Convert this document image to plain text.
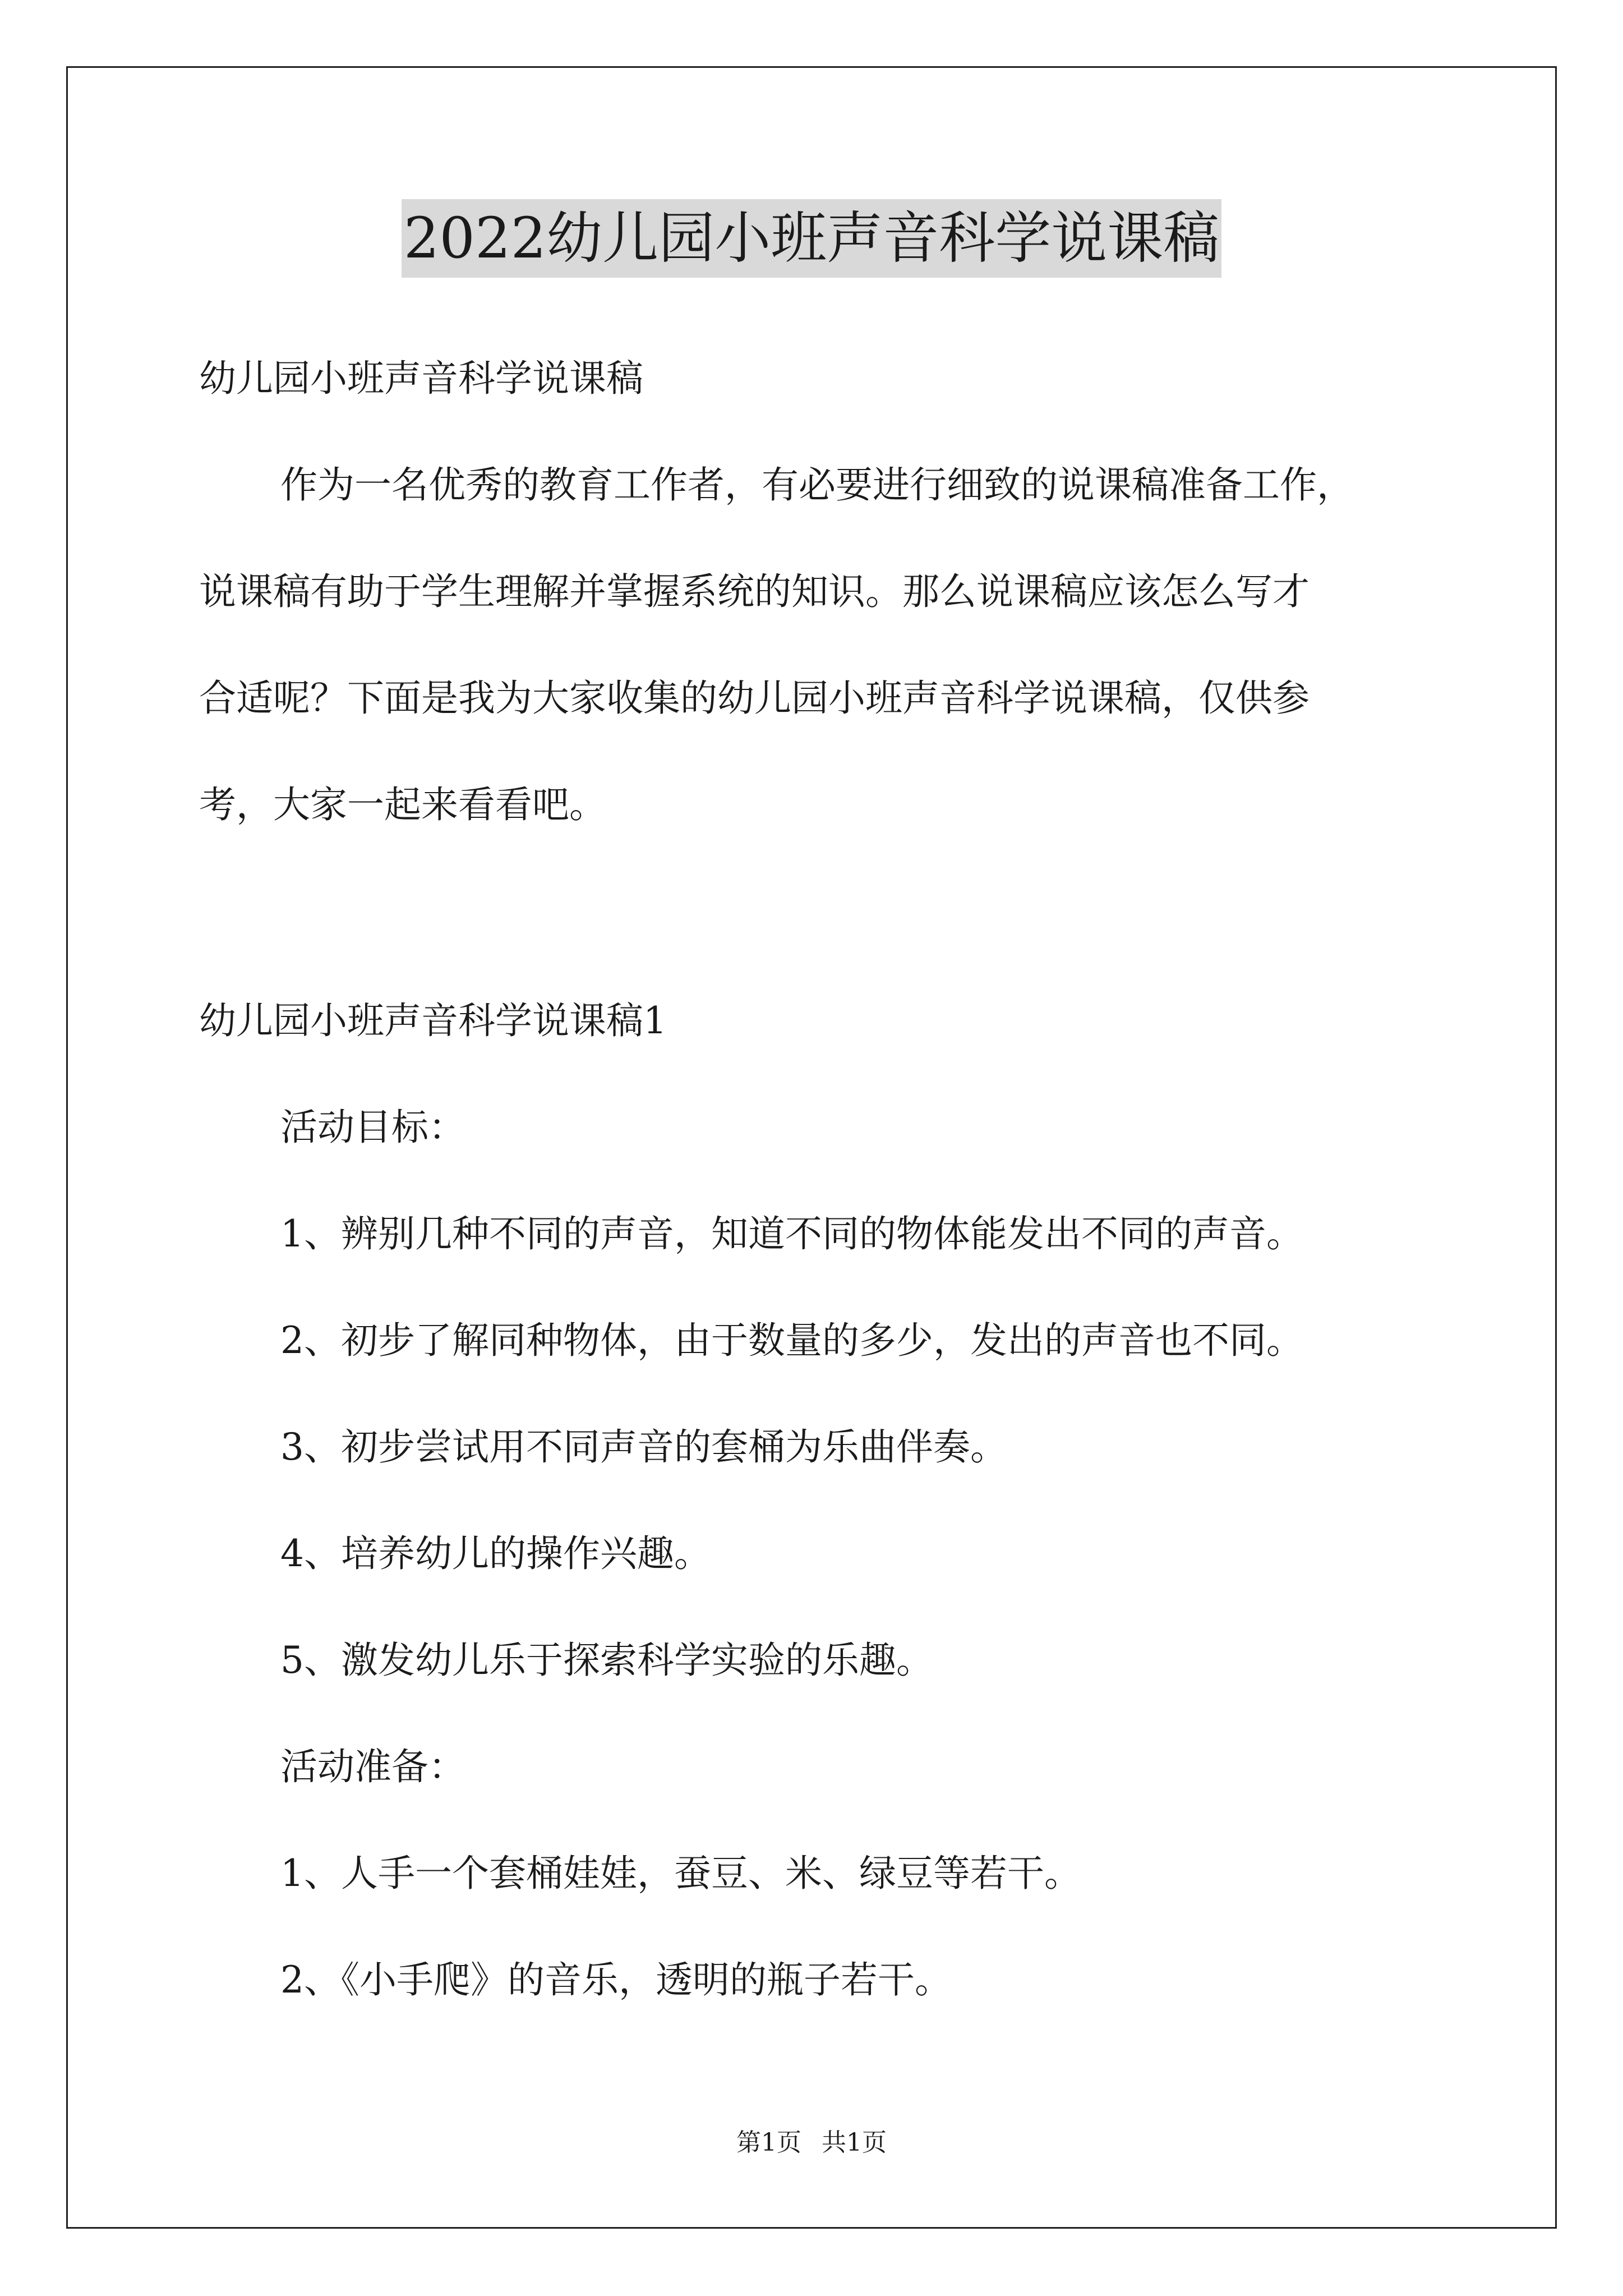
2022幼儿园小班声音科学说课稿
幼儿园小班声音科学说课稿
作为一名优秀的教育工作者，有必要进行细致的说课稿准备工作，
说课稿有助于学生理解并掌握系统的知识。那么说课稿应该怎么写才
合适呢？下面是我为大家收集的幼儿园小班声音科学说课稿，仅供参
考，大家一起来看看吧。
幼儿园小班声音科学说课稿1
活动目标：
1、辨别几种不同的声音，知道不同的物体能发出不同的声音。
2、初步了解同种物体，由于数量的多少，发出的声音也不同。
3、初步尝试用不同声音的套桶为乐曲伴奏。
4、培养幼儿的操作兴趣。
5、激发幼儿乐于探索科学实验的乐趣。
活动准备：
1、人手一个套桶娃娃，蚕豆、米、绿豆等若干。
2、《小手爬》的音乐，透明的瓶子若干。
第1页 共1页
